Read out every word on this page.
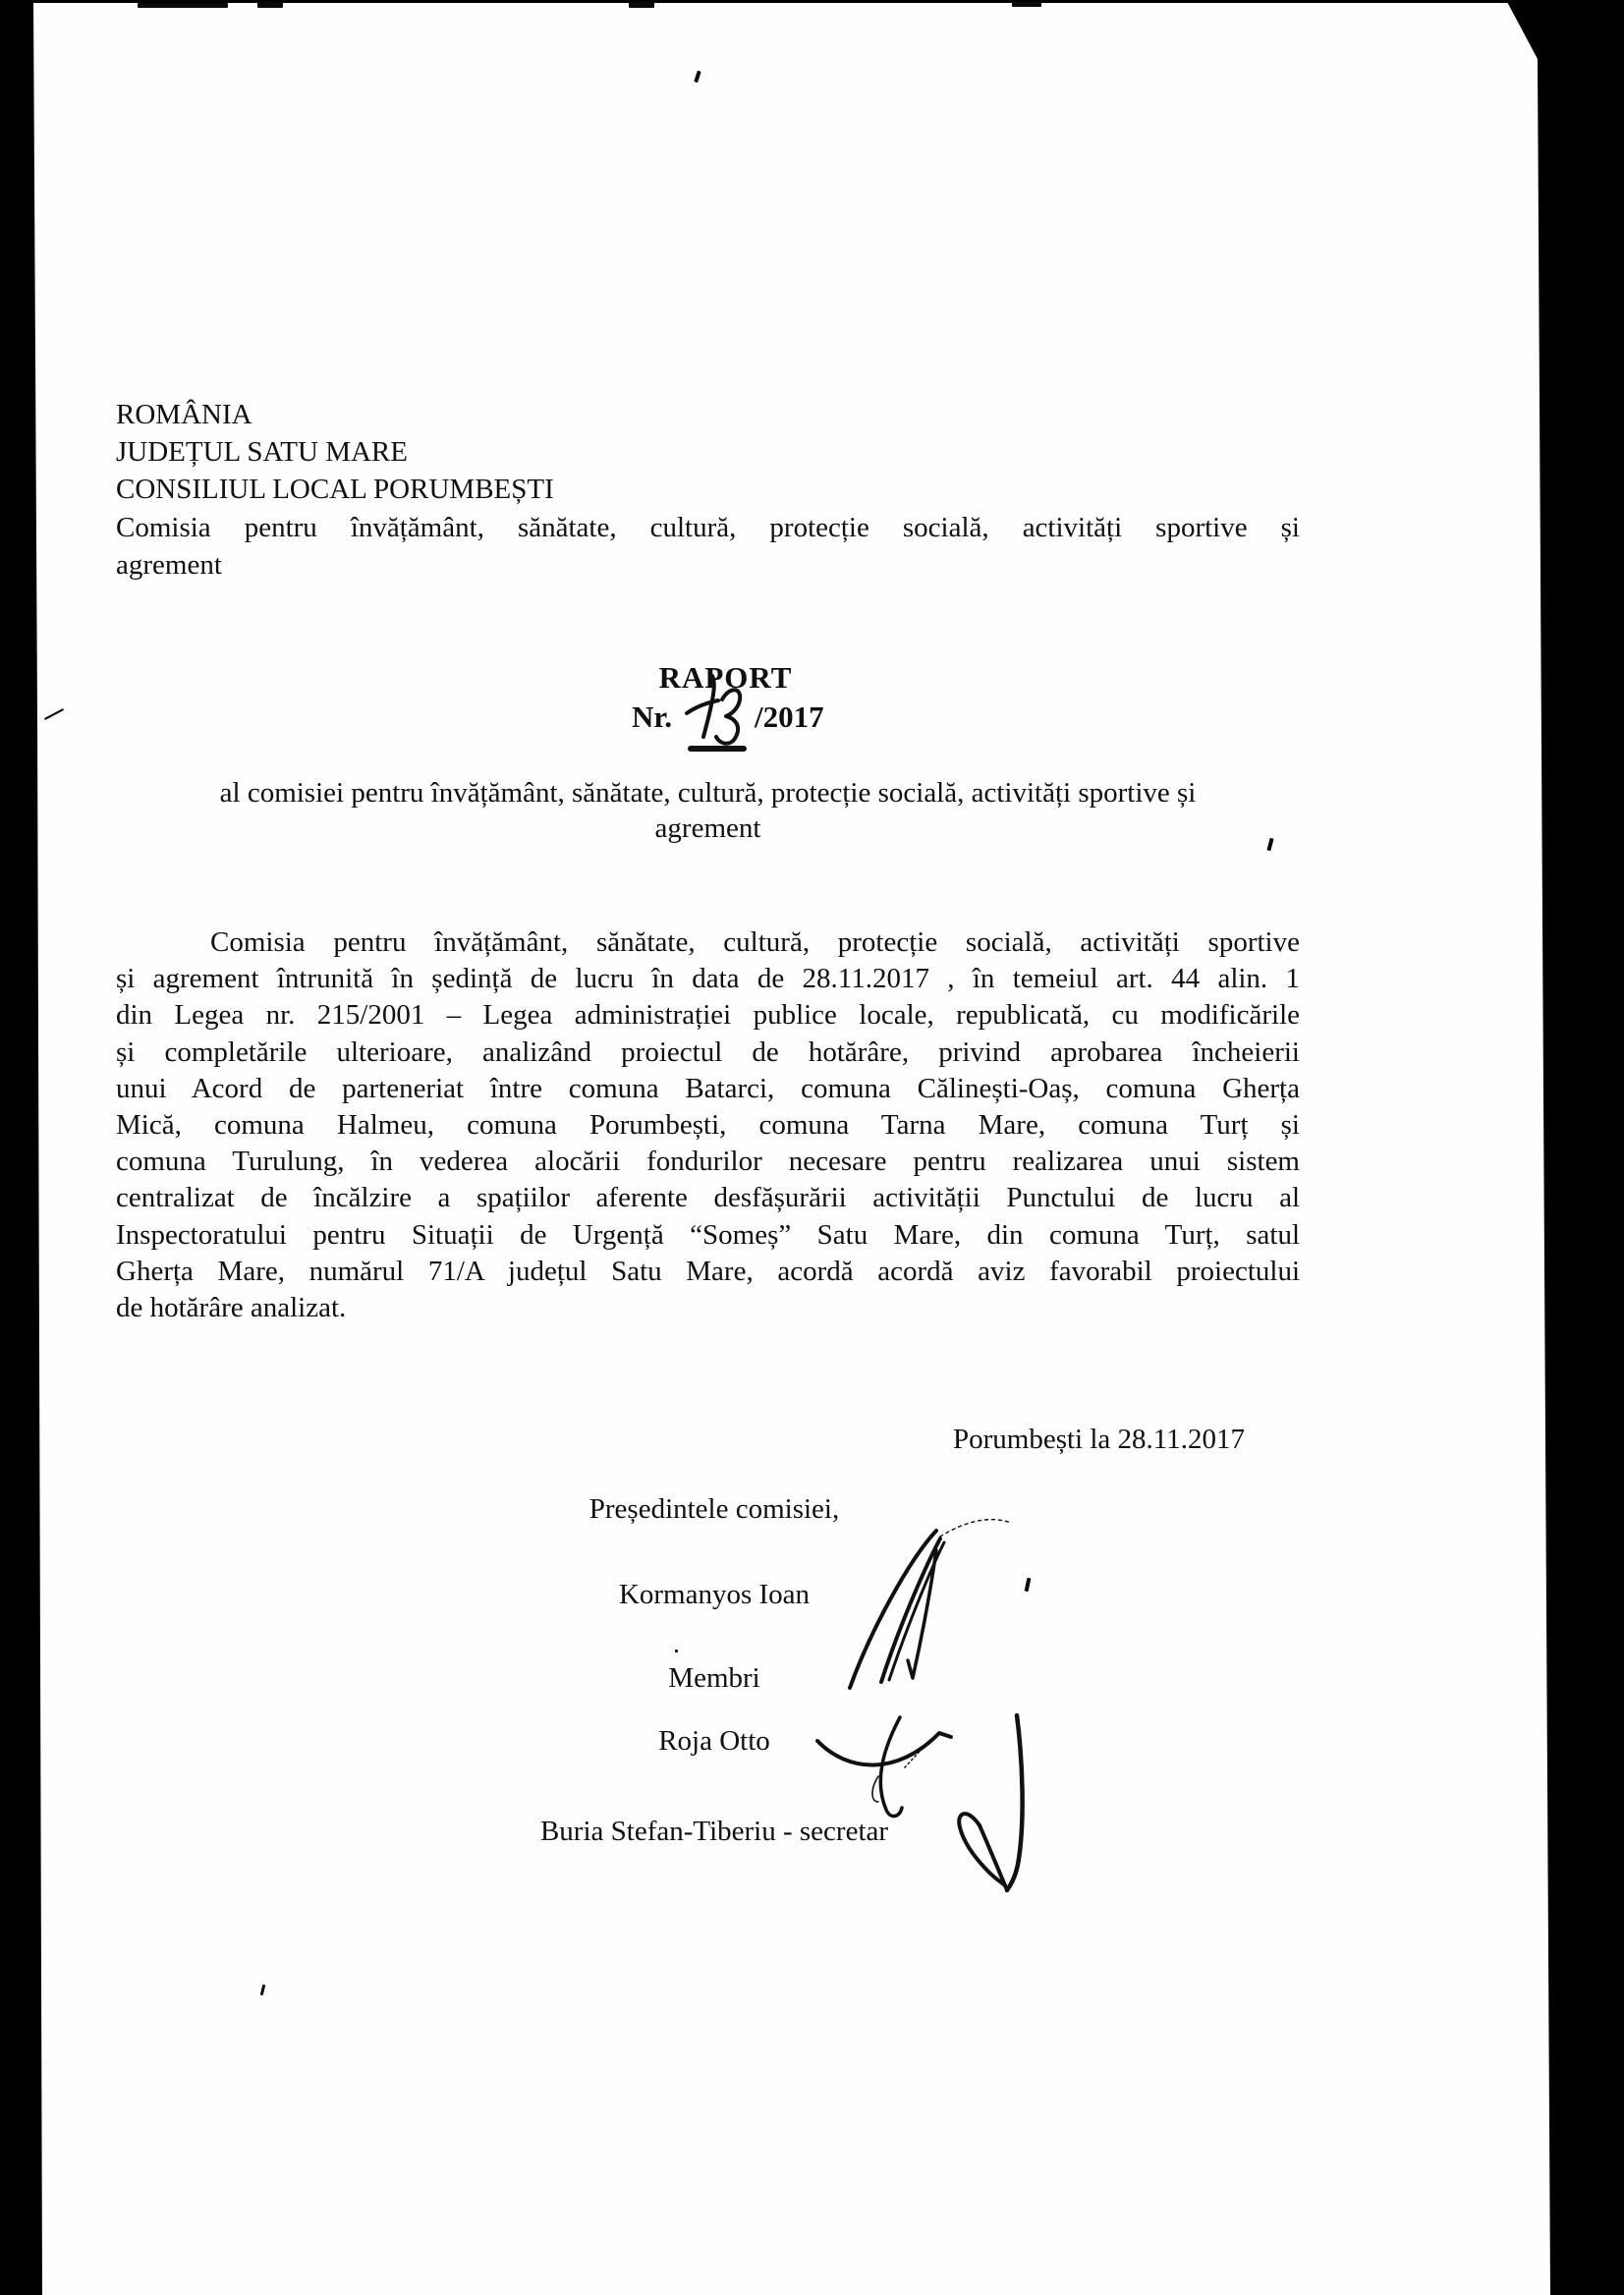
ROMÂNIA
JUDEȚUL SATU MARE
CONSILIUL LOCAL PORUMBEȘTI
Comisia pentru învățământ, sănătate, cultură, protecție socială, activități sportive și
agrement
RAPORT
Nr.	/2017
al comisiei pentru învățământ, sănătate, cultură, protecție socială, activități sportive și
agrement
Comisia pentru învățământ, sănătate, cultură, protecție socială, activități sportive
și agrement întrunită în ședință de lucru în data de 28.11.2017 , în temeiul art. 44 alin. 1
din Legea nr. 215/2001 – Legea administrației publice locale, republicată, cu modificările
și completările ulterioare, analizând proiectul de hotărâre, privind aprobarea încheierii
unui Acord de parteneriat între comuna Batarci, comuna Călinești-Oaș, comuna Gherța
Mică, comuna Halmeu, comuna Porumbești, comuna Tarna Mare, comuna Turț și
comuna Turulung, în vederea alocării fondurilor necesare pentru realizarea unui sistem
centralizat de încălzire a spațiilor aferente desfășurării activității Punctului de lucru al
Inspectoratului pentru Situații de Urgență “Someș” Satu Mare, din comuna Turț, satul
Gherța Mare, numărul 71/A județul Satu Mare, acordă acordă aviz favorabil proiectului
de hotărâre analizat.
Porumbești la 28.11.2017
Președintele comisiei,
Kormanyos Ioan
Membri
Roja Otto
Buria Stefan-Tiberiu - secretar
